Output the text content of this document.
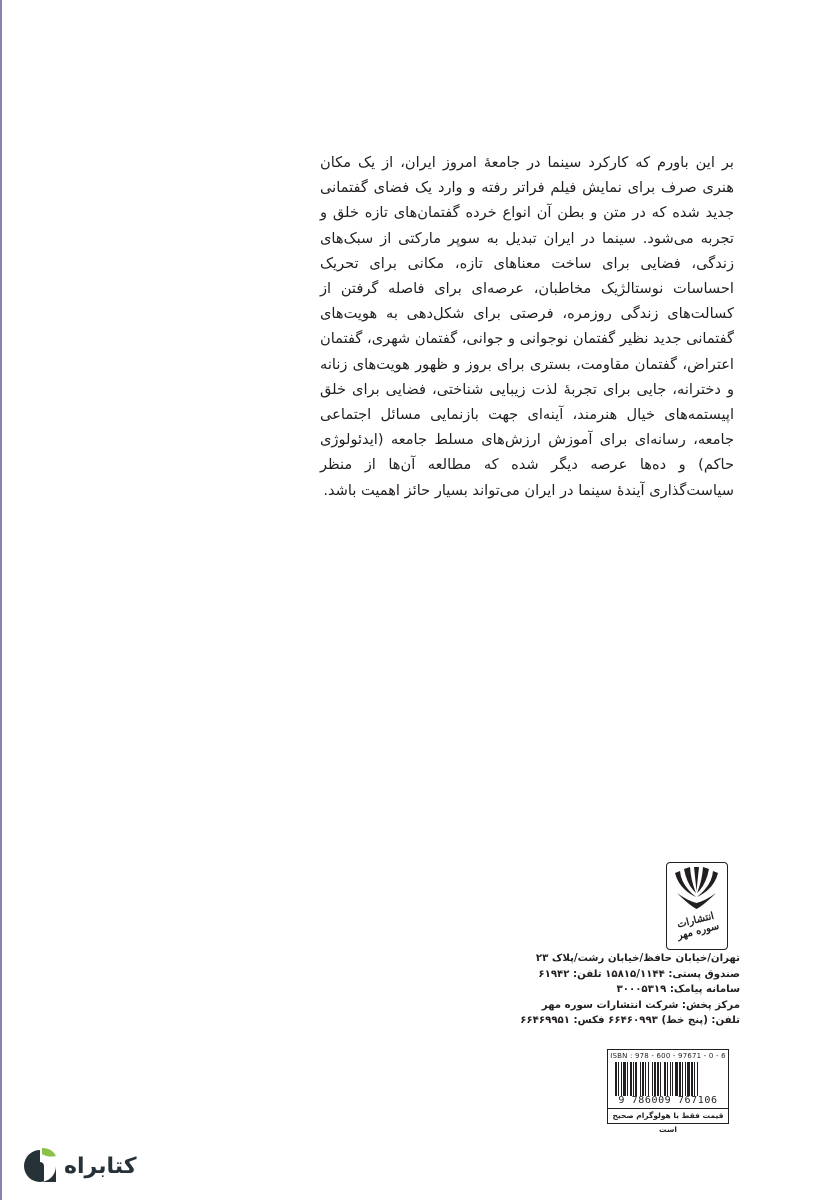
بر این باورم که کارکرد سینما در جامعهٔ امروز ایران، از یک مکان هنری صرف برای نمایش فیلم فراتر رفته و وارد یک فضای گفتمانی جدید شده که در متن و بطن آن انواع خرده گفتمان‌های تازه خلق و تجربه می‌شود. سینما در ایران تبدیل به سوپر مارکتی از سبک‌های زندگی، فضایی برای ساخت معناهای تازه، مکانی برای تحریک احساسات نوستالژیک مخاطبان، عرصه‌ای برای فاصله گرفتن از کسالت‌های زندگی روزمره، فرصتی برای شکل‌دهی به هویت‌های گفتمانی جدید نظیر گفتمان نوجوانی و جوانی، گفتمان شهری، گفتمان اعتراض، گفتمان مقاومت، بستری برای بروز و ظهور هویت‌های زنانه و دخترانه، جایی برای تجربهٔ لذت زیبایی شناختی، فضایی برای خلق اپیستمه‌های خیال هنرمند، آینه‌ای جهت بازنمایی مسائل اجتماعی جامعه، رسانه‌ای برای آموزش ارزش‌های مسلط جامعه (ایدئولوژی حاکم) و ده‌ها عرصه دیگر شده که مطالعه آن‌ها از منظر سیاست‌گذاری آیندهٔ سینما در ایران می‌تواند بسیار حائز اهمیت باشد.

انتشارات سوره مهر
تهران/خیابان حافظ/خیابان رشت/پلاک ۲۳
صندوق پستی: ۱۵۸۱۵/۱۱۴۴ تلفن: ۶۱۹۴۲
سامانه پیامک: ۳۰۰۰۵۳۱۹
مرکز پخش: شرکت انتشارات سوره مهر
تلفن: (پنج خط) ۶۶۴۶۰۹۹۳ فکس: ۶۶۴۶۹۹۵۱
ISBN : 978 - 600 - 97671 - 0 - 6
9 786009 767106
قیمت فقط با هولوگرام صحیح است
کتابراه
